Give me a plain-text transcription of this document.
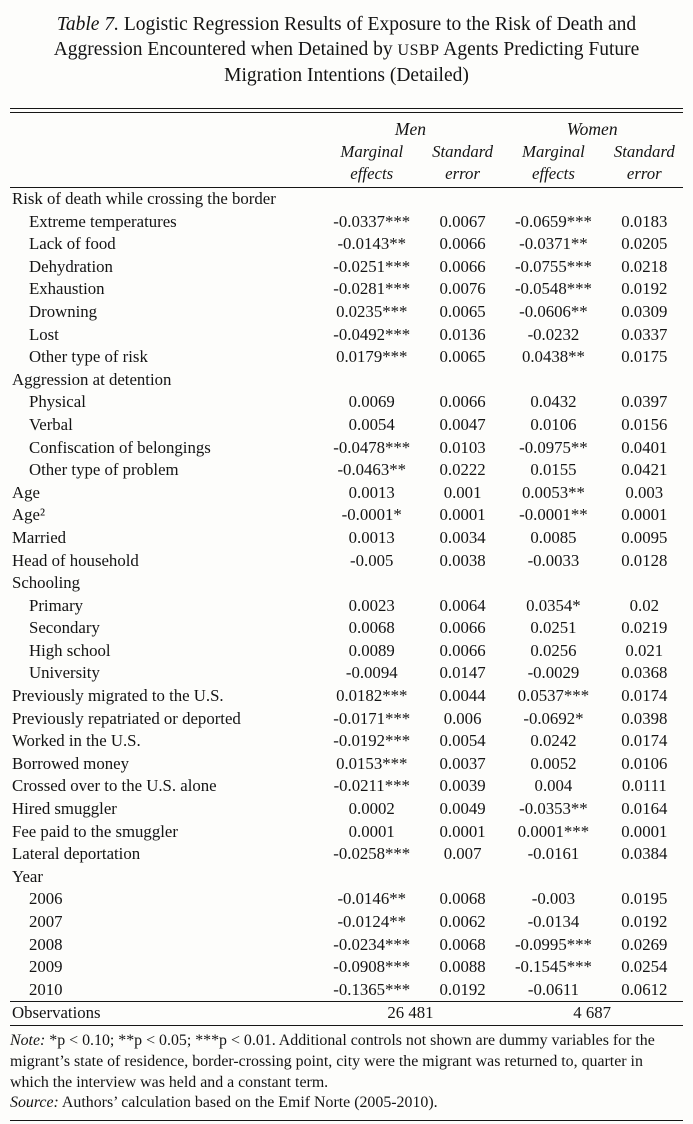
Table 7. Logistic Regression Results of Exposure to the Risk of Death and Aggression Encountered when Detained by USBP Agents Predicting Future Migration Intentions (Detailed)
	Men		Women	
	Marginal effects	Standard error	Marginal effects	Standard error
Risk of death while crossing the border				
Extreme temperatures	-0.0337***	0.0067	-0.0659***	0.0183
Lack of food	-0.0143**	0.0066	-0.0371**	0.0205
Dehydration	-0.0251***	0.0066	-0.0755***	0.0218
Exhaustion	-0.0281***	0.0076	-0.0548***	0.0192
Drowning	0.0235***	0.0065	-0.0606**	0.0309
Lost	-0.0492***	0.0136	-0.0232	0.0337
Other type of risk	0.0179***	0.0065	0.0438**	0.0175
Aggression at detention				
Physical	0.0069	0.0066	0.0432	0.0397
Verbal	0.0054	0.0047	0.0106	0.0156
Confiscation of belongings	-0.0478***	0.0103	-0.0975**	0.0401
Other type of problem	-0.0463**	0.0222	0.0155	0.0421
Age	0.0013	0.001	0.0053**	0.003
Age²	-0.0001*	0.0001	-0.0001**	0.0001
Married	0.0013	0.0034	0.0085	0.0095
Head of household	-0.005	0.0038	-0.0033	0.0128
Schooling				
Primary	0.0023	0.0064	0.0354*	0.02
Secondary	0.0068	0.0066	0.0251	0.0219
High school	0.0089	0.0066	0.0256	0.021
University	-0.0094	0.0147	-0.0029	0.0368
Previously migrated to the U.S.	0.0182***	0.0044	0.0537***	0.0174
Previously repatriated or deported	-0.0171***	0.006	-0.0692*	0.0398
Worked in the U.S.	-0.0192***	0.0054	0.0242	0.0174
Borrowed money	0.0153***	0.0037	0.0052	0.0106
Crossed over to the U.S. alone	-0.0211***	0.0039	0.004	0.0111
Hired smuggler	0.0002	0.0049	-0.0353**	0.0164
Fee paid to the smuggler	0.0001	0.0001	0.0001***	0.0001
Lateral deportation	-0.0258***	0.007	-0.0161	0.0384
Year				
2006	-0.0146**	0.0068	-0.003	0.0195
2007	-0.0124**	0.0062	-0.0134	0.0192
2008	-0.0234***	0.0068	-0.0995***	0.0269
2009	-0.0908***	0.0088	-0.1545***	0.0254
2010	-0.1365***	0.0192	-0.0611	0.0612
Observations	26 481		4 687	

Note: *p < 0.10; **p < 0.05; ***p < 0.01. Additional controls not shown are dummy variables for the migrant’s state of residence, border-crossing point, city were the migrant was returned to, quarter in which the interview was held and a constant term.

Source: Authors’ calculation based on the Emif Norte (2005-2010).
